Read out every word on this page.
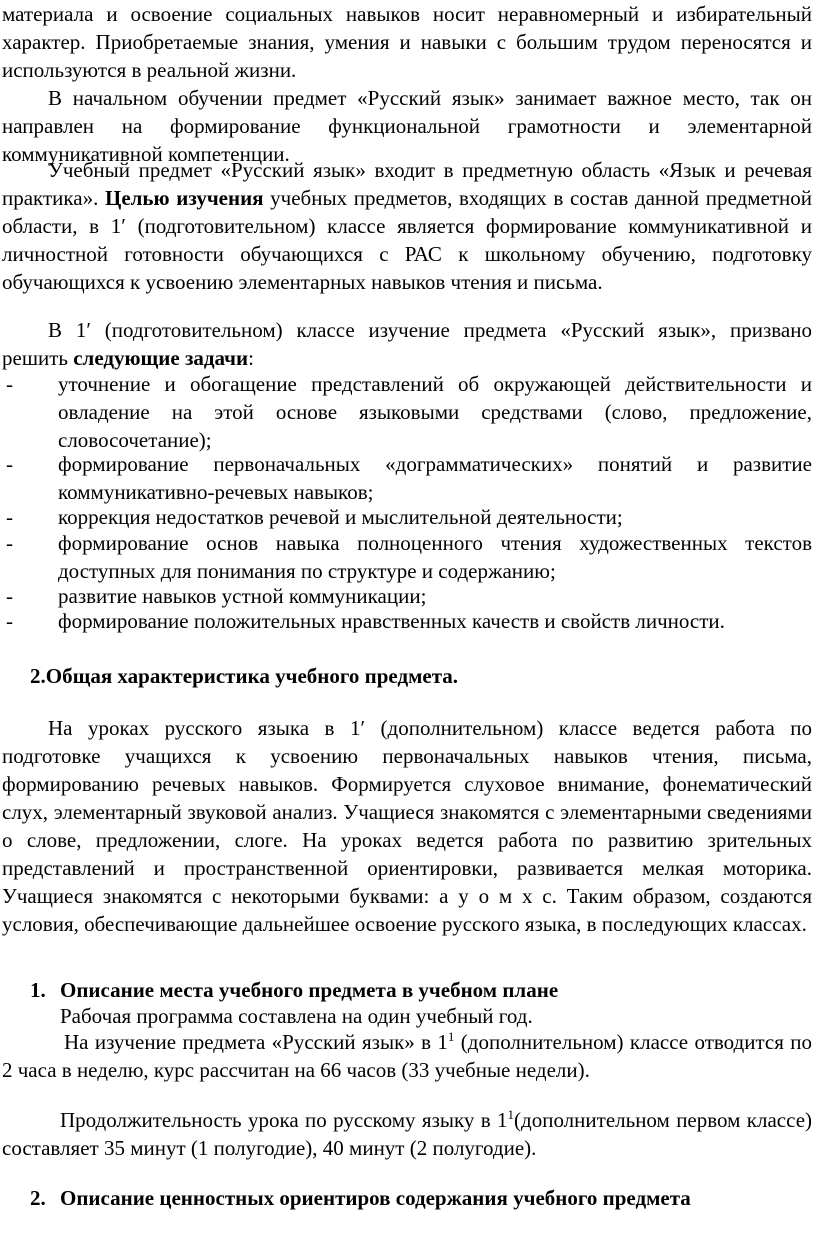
материала и освоение социальных навыков носит неравномерный и избирательный характер. Приобретаемые знания, умения и навыки с большим трудом переносятся и используются в реальной жизни.

В начальном обучении предмет «Русский язык» занимает важное место, так он направлен на формирование функциональной грамотности и элементарной коммуникативной компетенции.

Учебный предмет «Русский язык» входит в предметную область «Язык и речевая практика». Целью изучения учебных предметов, входящих в состав данной предметной области, в 1′ (подготовительном) классе является формирование коммуникативной и личностной готовности обучающихся с РАС к школьному обучению, подготовку обучающихся к усвоению элементарных навыков чтения и письма.

В 1′ (подготовительном) классе изучение предмета «Русский язык», призвано решить следующие задачи:

- уточнение и обогащение представлений об окружающей действительности и овладение на этой основе языковыми средствами (слово, предложение, словосочетание);
- формирование первоначальных «дограмматических» понятий и развитие коммуникативно-речевых навыков;
- коррекция недостатков речевой и мыслительной деятельности;
- формирование основ навыка полноценного чтения художественных текстов доступных для понимания по структуре и содержанию;
- развитие навыков устной коммуникации;
- формирование положительных нравственных качеств и свойств личности.

2.Общая характеристика учебного предмета.

На уроках русского языка в 1′ (дополнительном) классе ведется работа по подготовке учащихся к усвоению первоначальных навыков чтения, письма, формированию речевых навыков. Формируется слуховое внимание, фонематический слух, элементарный звуковой анализ. Учащиеся знакомятся с элементарными сведениями о слове, предложении, слоге. На уроках ведется работа по развитию зрительных представлений и пространственной ориентировки, развивается мелкая моторика. Учащиеся знакомятся с некоторыми буквами: а у о м х с. Таким образом, создаются условия, обеспечивающие дальнейшее освоение русского языка, в последующих классах.

1. Описание места учебного предмета в учебном плане

Рабочая программа составлена на один учебный год.

На изучение предмета «Русский язык» в $1^1$ (дополнительном) классе отводится по 2 часа в неделю, курс рассчитан на 66 часов (33 учебные недели).

Продолжительность урока по русскому языку в $1^1(дополнительном$ первом классе) составляет 35 минут (1 полугодие), 40 минут (2 полугодие).

2. Описание ценностных ориентиров содержания учебного предмета
